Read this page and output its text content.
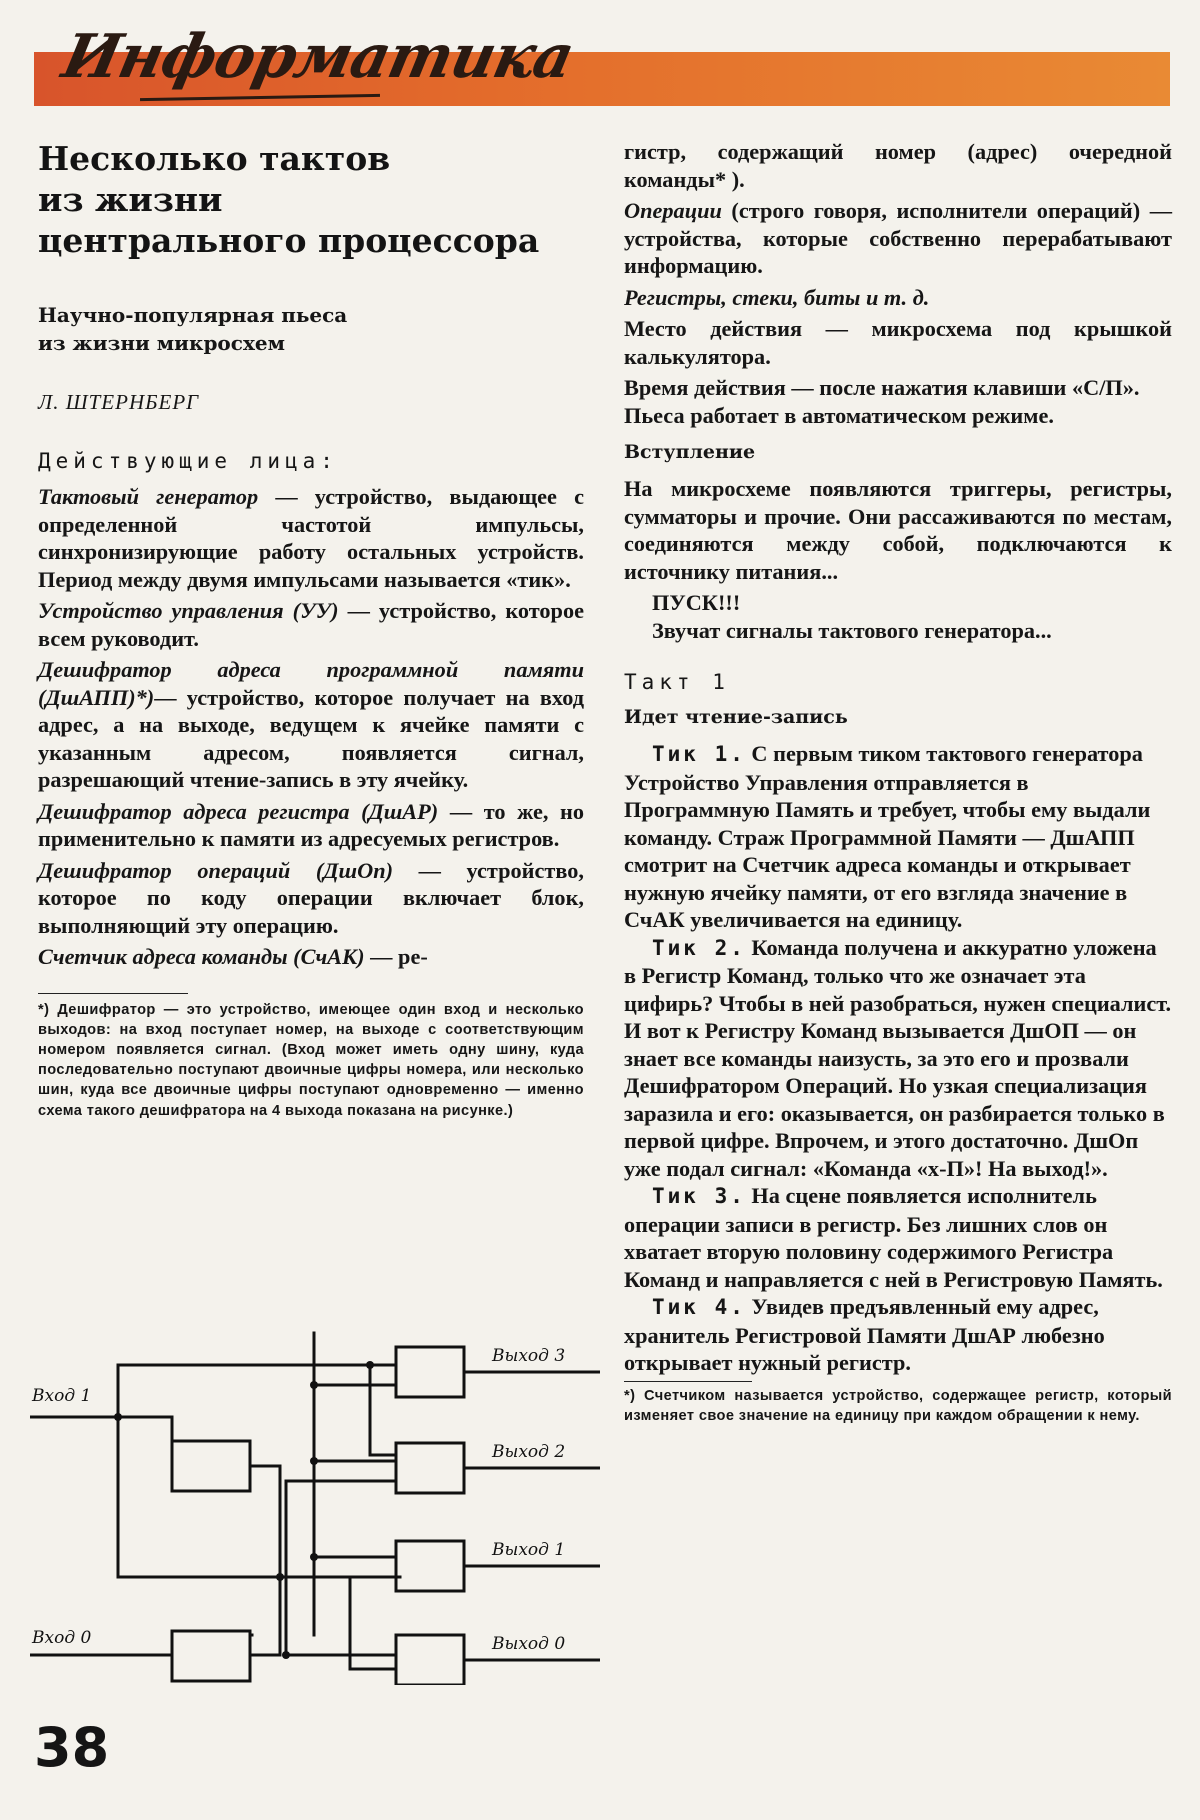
Информатика
Несколько тактов
из жизни
центрального процессора
Научно-популярная пьеса
из жизни микросхем
Л. ШТЕРНБЕРГ
Действующие лица:

Тактовый генератор — устройство, выдающее с определенной частотой импульсы, синхронизирующие работу остальных устройств. Период между двумя импульсами называется «тик».

Устройство управления (УУ) — устройство, которое всем руководит.

Дешифратор адреса программной памяти (ДшАПП)*)— устройство, которое получает на вход адрес, а на выходе, ведущем к ячейке памяти с указанным адресом, появляется сигнал, разрешающий чтение-запись в эту ячейку.

Дешифратор адреса регистра (ДшАР) — то же, но применительно к памяти из адресуемых регистров.

Дешифратор операций (ДшОп) — устройство, которое по коду операции включает блок, выполняющий эту операцию.

Счетчик адреса команды (СчАК) — ре-

*) Дешифратор — это устройство, имеющее один вход и несколько выходов: на вход поступает номер, на выходе с соответствующим номером появляется сигнал. (Вход может иметь одну шину, куда последовательно поступают двоичные цифры номера, или несколько шин, куда все двоичные цифры поступают одновременно — именно схема такого дешифратора на 4 выхода показана на рисунке.)

Вход 1
Вход 0
Выход 3
Выход 2
Выход 1
Выход 0
38

гистр, содержащий номер (адрес) очередной команды* ).

Операции (строго говоря, исполнители операций) — устройства, которые собственно перерабатывают информацию.

Регистры, стеки, биты и т. д.

Место действия — микросхема под крышкой калькулятора.

Время действия — после нажатия клавиши «С/П».

Пьеса работает в автоматическом режиме.

Вступление

На микросхеме появляются триггеры, регистры, сумматоры и прочие. Они рассаживаются по местам, соединяются между собой, подключаются к источнику питания...

ПУСК!!!

Звучат сигналы тактового генератора...

Такт 1
Идет чтение-запись

Тик 1. С первым тиком тактового генератора Устройство Управления отправляется в Программную Память и требует, чтобы ему выдали команду. Страж Программной Памяти — ДшАПП смотрит на Счетчик адреса команды и открывает нужную ячейку памяти, от его взгляда значение в СчАК увеличивается на единицу.

Тик 2. Команда получена и аккуратно уложена в Регистр Команд, только что же означает эта цифирь? Чтобы в ней разобраться, нужен специалист. И вот к Регистру Команд вызывается ДшОП — он знает все команды наизусть, за это его и прозвали Дешифратором Операций. Но узкая специализация заразила и его: оказывается, он разбирается только в первой цифре. Впрочем, и этого достаточно. ДшОп уже подал сигнал: «Команда «х-П»! На выход!».

Тик 3. На сцене появляется исполнитель операции записи в регистр. Без лишних слов он хватает вторую половину содержимого Регистра Команд и направляется с ней в Регистровую Память.

Тик 4. Увидев предъявленный ему адрес, хранитель Регистровой Памяти ДшАР любезно открывает нужный регистр.

*) Счетчиком называется устройство, содержащее регистр, который изменяет свое значение на единицу при каждом обращении к нему.
